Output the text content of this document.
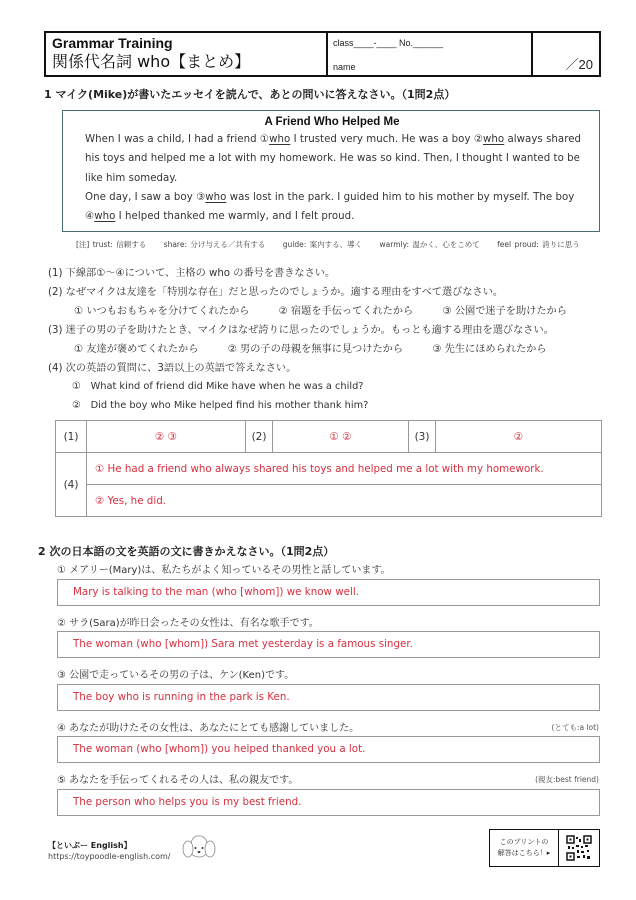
Grammar Training
関係代名詞 who【まとめ】
class____-____ No.______
name	／20
1 マイク(Mike)が書いたエッセイを読んで、あとの問いに答えなさい。（1問2点）
A Friend Who Helped Me

When I was a child, I had a friend ①who I trusted very much. He was a boy ②who always shared his toys and helped me a lot with my homework. He was so kind. Then, I thought I wanted to be like him someday.

One day, I saw a boy ③who was lost in the park. I guided him to his mother by myself. The boy ④who I helped thanked me warmly, and I felt proud.

[注] trust: 信頼する share: 分け与える／共有する guide: 案内する、導く warmly: 温かく、心をこめて feel proud: 誇りに思う
(1) 下線部①～④について、主格の who の番号を書きなさい。
(2) なぜマイクは友達を「特別な存在」だと思ったのでしょうか。適する理由をすべて選びなさい。
① いつもおもちゃを分けてくれたから	② 宿題を手伝ってくれたから	③ 公園で迷子を助けたから
(3) 迷子の男の子を助けたとき、マイクはなぜ誇りに思ったのでしょうか。もっとも適する理由を選びなさい。
① 友達が褒めてくれたから	② 男の子の母親を無事に見つけたから	③ 先生にほめられたから
(4) 次の英語の質問に、3語以上の英語で答えなさい。
①　What kind of friend did Mike have when he was a child?
②　Did the boy who Mike helped find his mother thank him?
(1)	② ③	(2)	① ②	(3)	②
(4)	① He had a friend who always shared his toys and helped me a lot with my homework.				
	② Yes, he did.				
2 次の日本語の文を英語の文に書きかえなさい。（1問2点）
① メアリー(Mary)は、私たちがよく知っているその男性と話しています。
Mary is talking to the man (who [whom]) we know well.
② サラ(Sara)が昨日会ったその女性は、有名な歌手です。
The woman (who [whom]) Sara met yesterday is a famous singer.
③ 公園で走っているその男の子は、ケン(Ken)です。
The boy who is running in the park is Ken.
④ あなたが助けたその女性は、あなたにとても感謝していました。	(とても:a lot)
The woman (who [whom]) you helped thanked you a lot.
⑤ あなたを手伝ってくれるその人は、私の親友です。	(親友:best friend)
The person who helps you is my best friend.
【といぷー English】
https://toypoodle-english.com/
このプリントの
解答はこちら！▸
